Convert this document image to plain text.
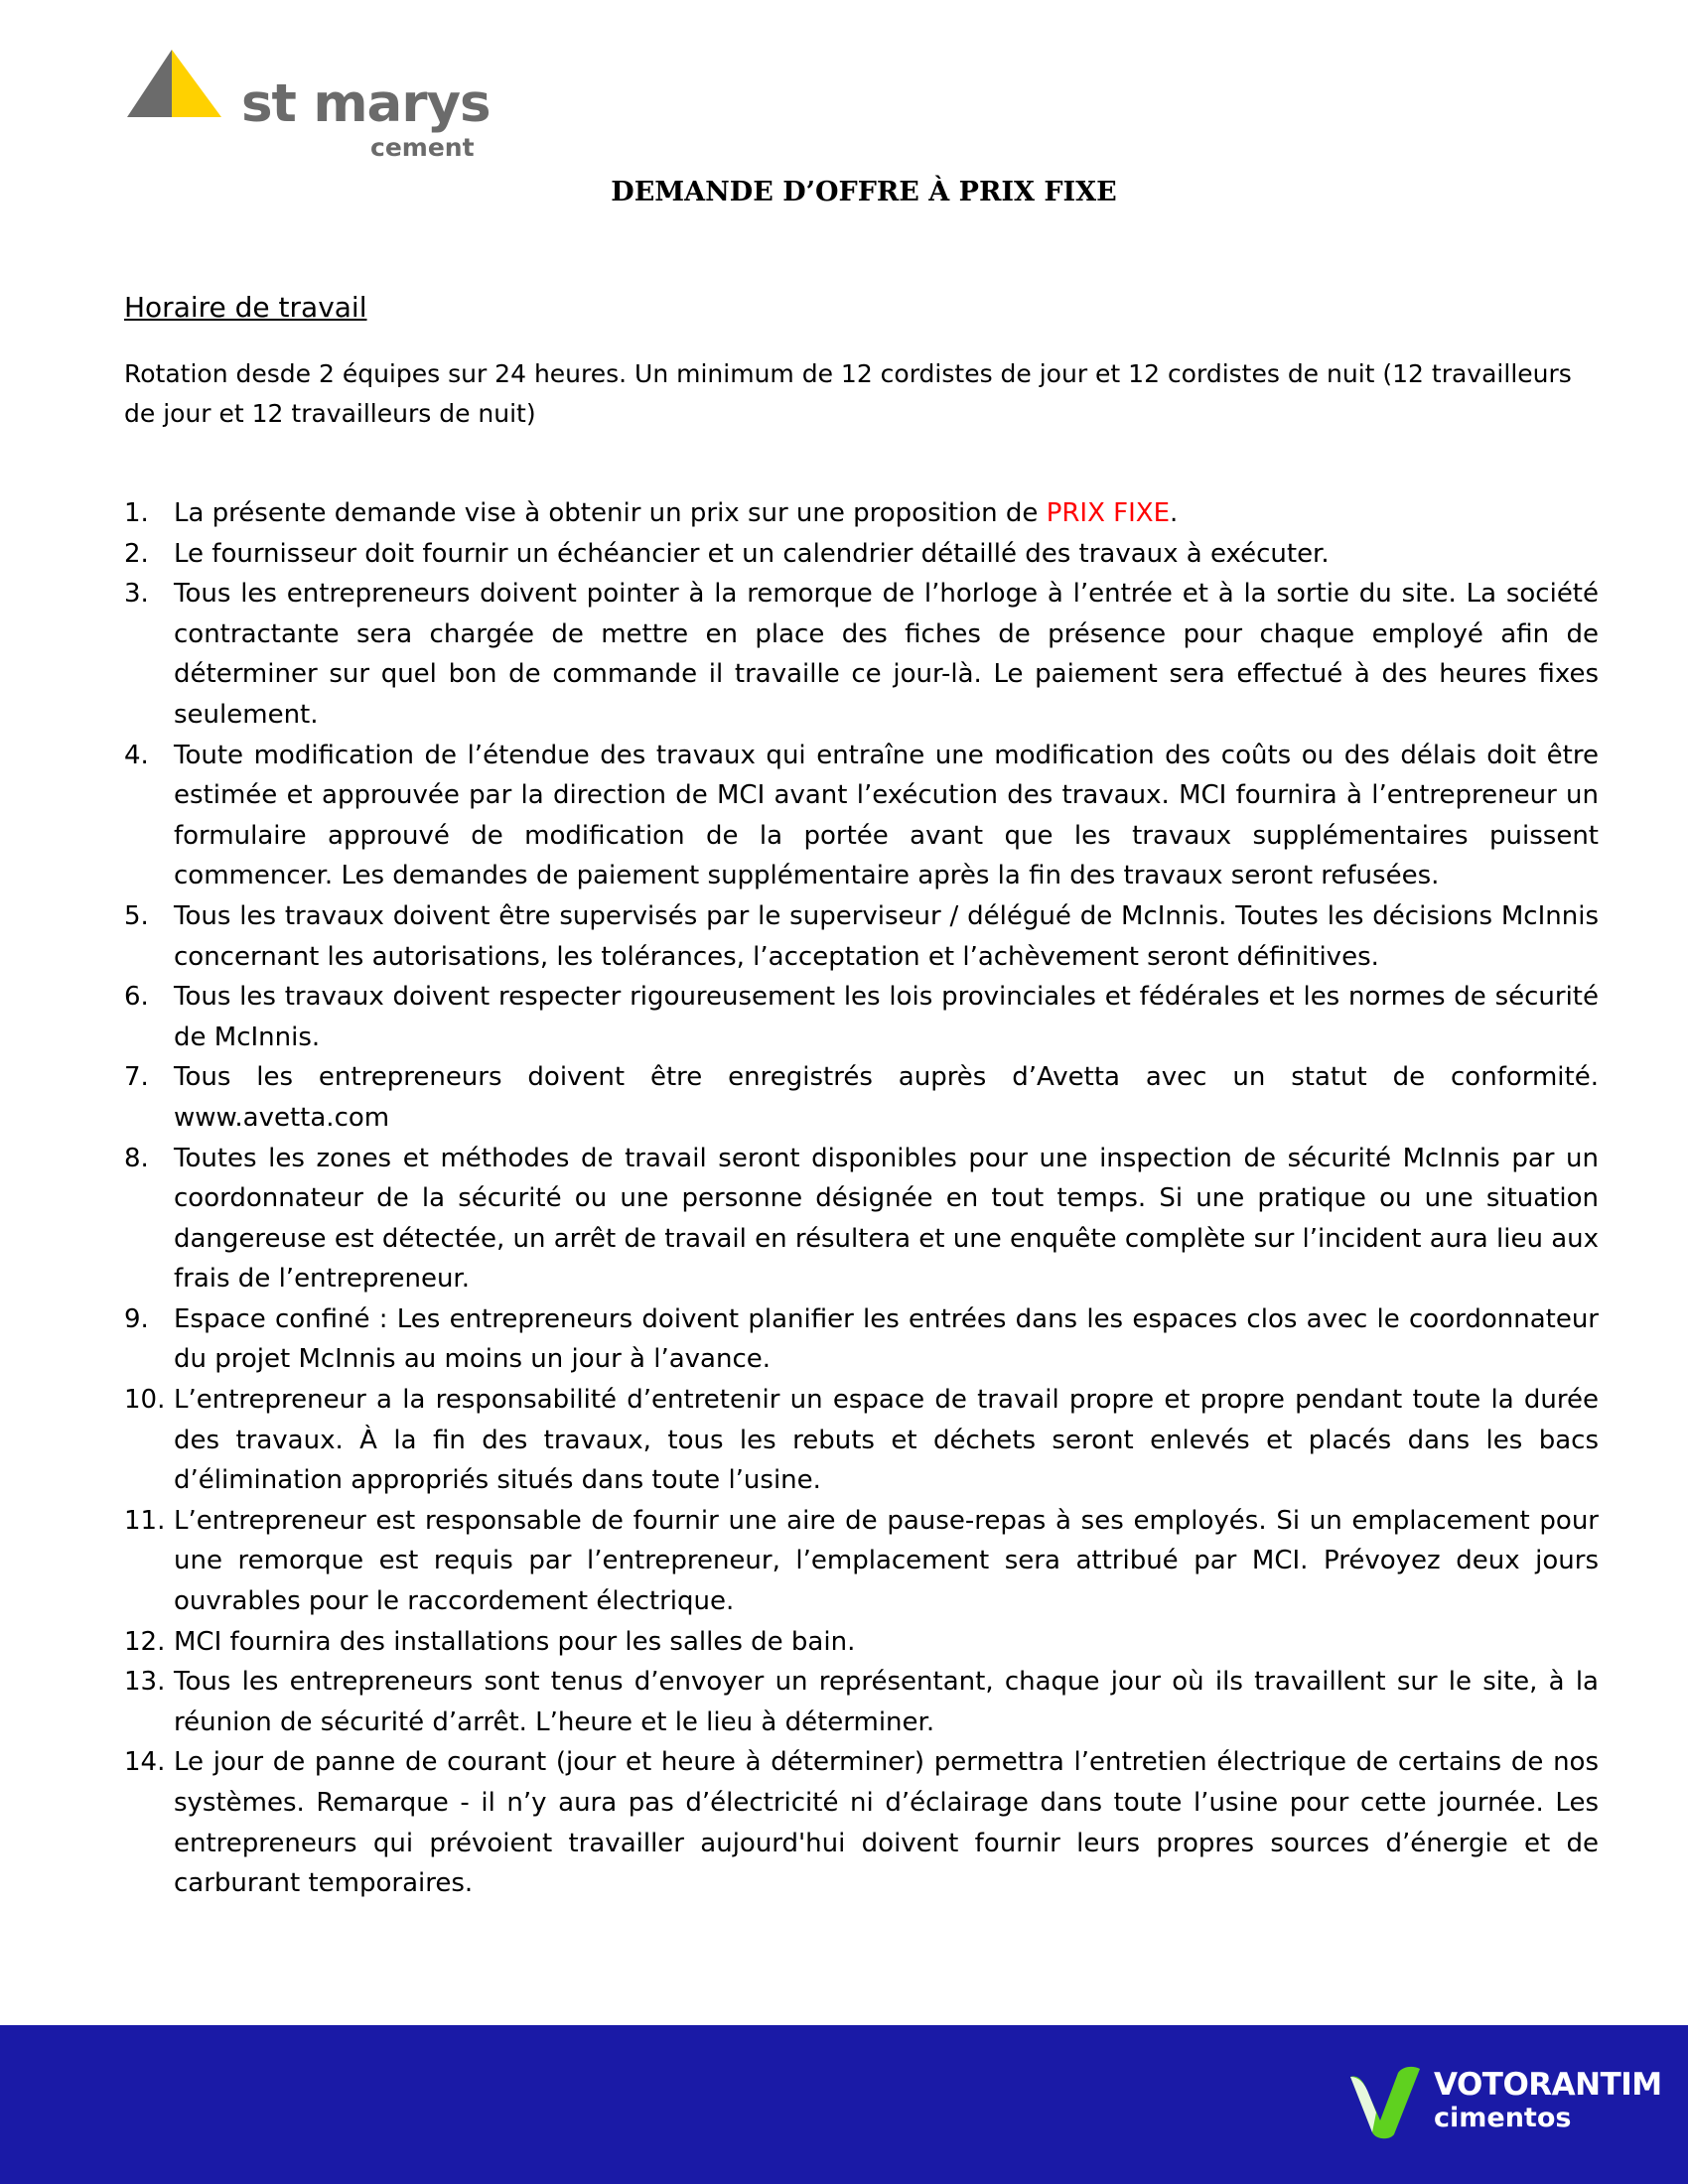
st marys
cement
DEMANDE D’OFFRE À PRIX FIXE
Horaire de travail

Rotation desde 2 équipes sur 24 heures. Un minimum de 12 cordistes de jour et 12 cordistes de nuit (12 travailleurs de jour et 12 travailleurs de nuit)

1. La présente demande vise à obtenir un prix sur une proposition de PRIX FIXE.
2. Le fournisseur doit fournir un échéancier et un calendrier détaillé des travaux à exécuter.
3. Tous les entrepreneurs doivent pointer à la remorque de l’horloge à l’entrée et à la sortie du site. La société contractante sera chargée de mettre en place des fiches de présence pour chaque employé afin de déterminer sur quel bon de commande il travaille ce jour-là. Le paiement sera effectué à des heures fixes seulement.
4. Toute modification de l’étendue des travaux qui entraîne une modification des coûts ou des délais doit être estimée et approuvée par la direction de MCI avant l’exécution des travaux. MCI fournira à l’entrepreneur un formulaire approuvé de modification de la portée avant que les travaux supplémentaires puissent commencer. Les demandes de paiement supplémentaire après la fin des travaux seront refusées.
5. Tous les travaux doivent être supervisés par le superviseur / délégué de McInnis. Toutes les décisions McInnis concernant les autorisations, les tolérances, l’acceptation et l’achèvement seront définitives.
6. Tous les travaux doivent respecter rigoureusement les lois provinciales et fédérales et les normes de sécurité de McInnis.
7. Tous les entrepreneurs doivent être enregistrés auprès d’Avetta avec un statut de conformité. www.avetta.com
8. Toutes les zones et méthodes de travail seront disponibles pour une inspection de sécurité McInnis par un coordonnateur de la sécurité ou une personne désignée en tout temps. Si une pratique ou une situation dangereuse est détectée, un arrêt de travail en résultera et une enquête complète sur l’incident aura lieu aux frais de l’entrepreneur.
9. Espace confiné : Les entrepreneurs doivent planifier les entrées dans les espaces clos avec le coordonnateur du projet McInnis au moins un jour à l’avance.
10. L’entrepreneur a la responsabilité d’entretenir un espace de travail propre et propre pendant toute la durée des travaux. À la fin des travaux, tous les rebuts et déchets seront enlevés et placés dans les bacs d’élimination appropriés situés dans toute l’usine.
11. L’entrepreneur est responsable de fournir une aire de pause-repas à ses employés. Si un emplacement pour une remorque est requis par l’entrepreneur, l’emplacement sera attribué par MCI. Prévoyez deux jours ouvrables pour le raccordement électrique.
12. MCI fournira des installations pour les salles de bain.
13. Tous les entrepreneurs sont tenus d’envoyer un représentant, chaque jour où ils travaillent sur le site, à la réunion de sécurité d’arrêt. L’heure et le lieu à déterminer.
14. Le jour de panne de courant (jour et heure à déterminer) permettra l’entretien électrique de certains de nos systèmes. Remarque - il n’y aura pas d’électricité ni d’éclairage dans toute l’usine pour cette journée. Les entrepreneurs qui prévoient travailler aujourd'hui doivent fournir leurs propres sources d’énergie et de carburant temporaires.
VOTORANTIM
cimentos
